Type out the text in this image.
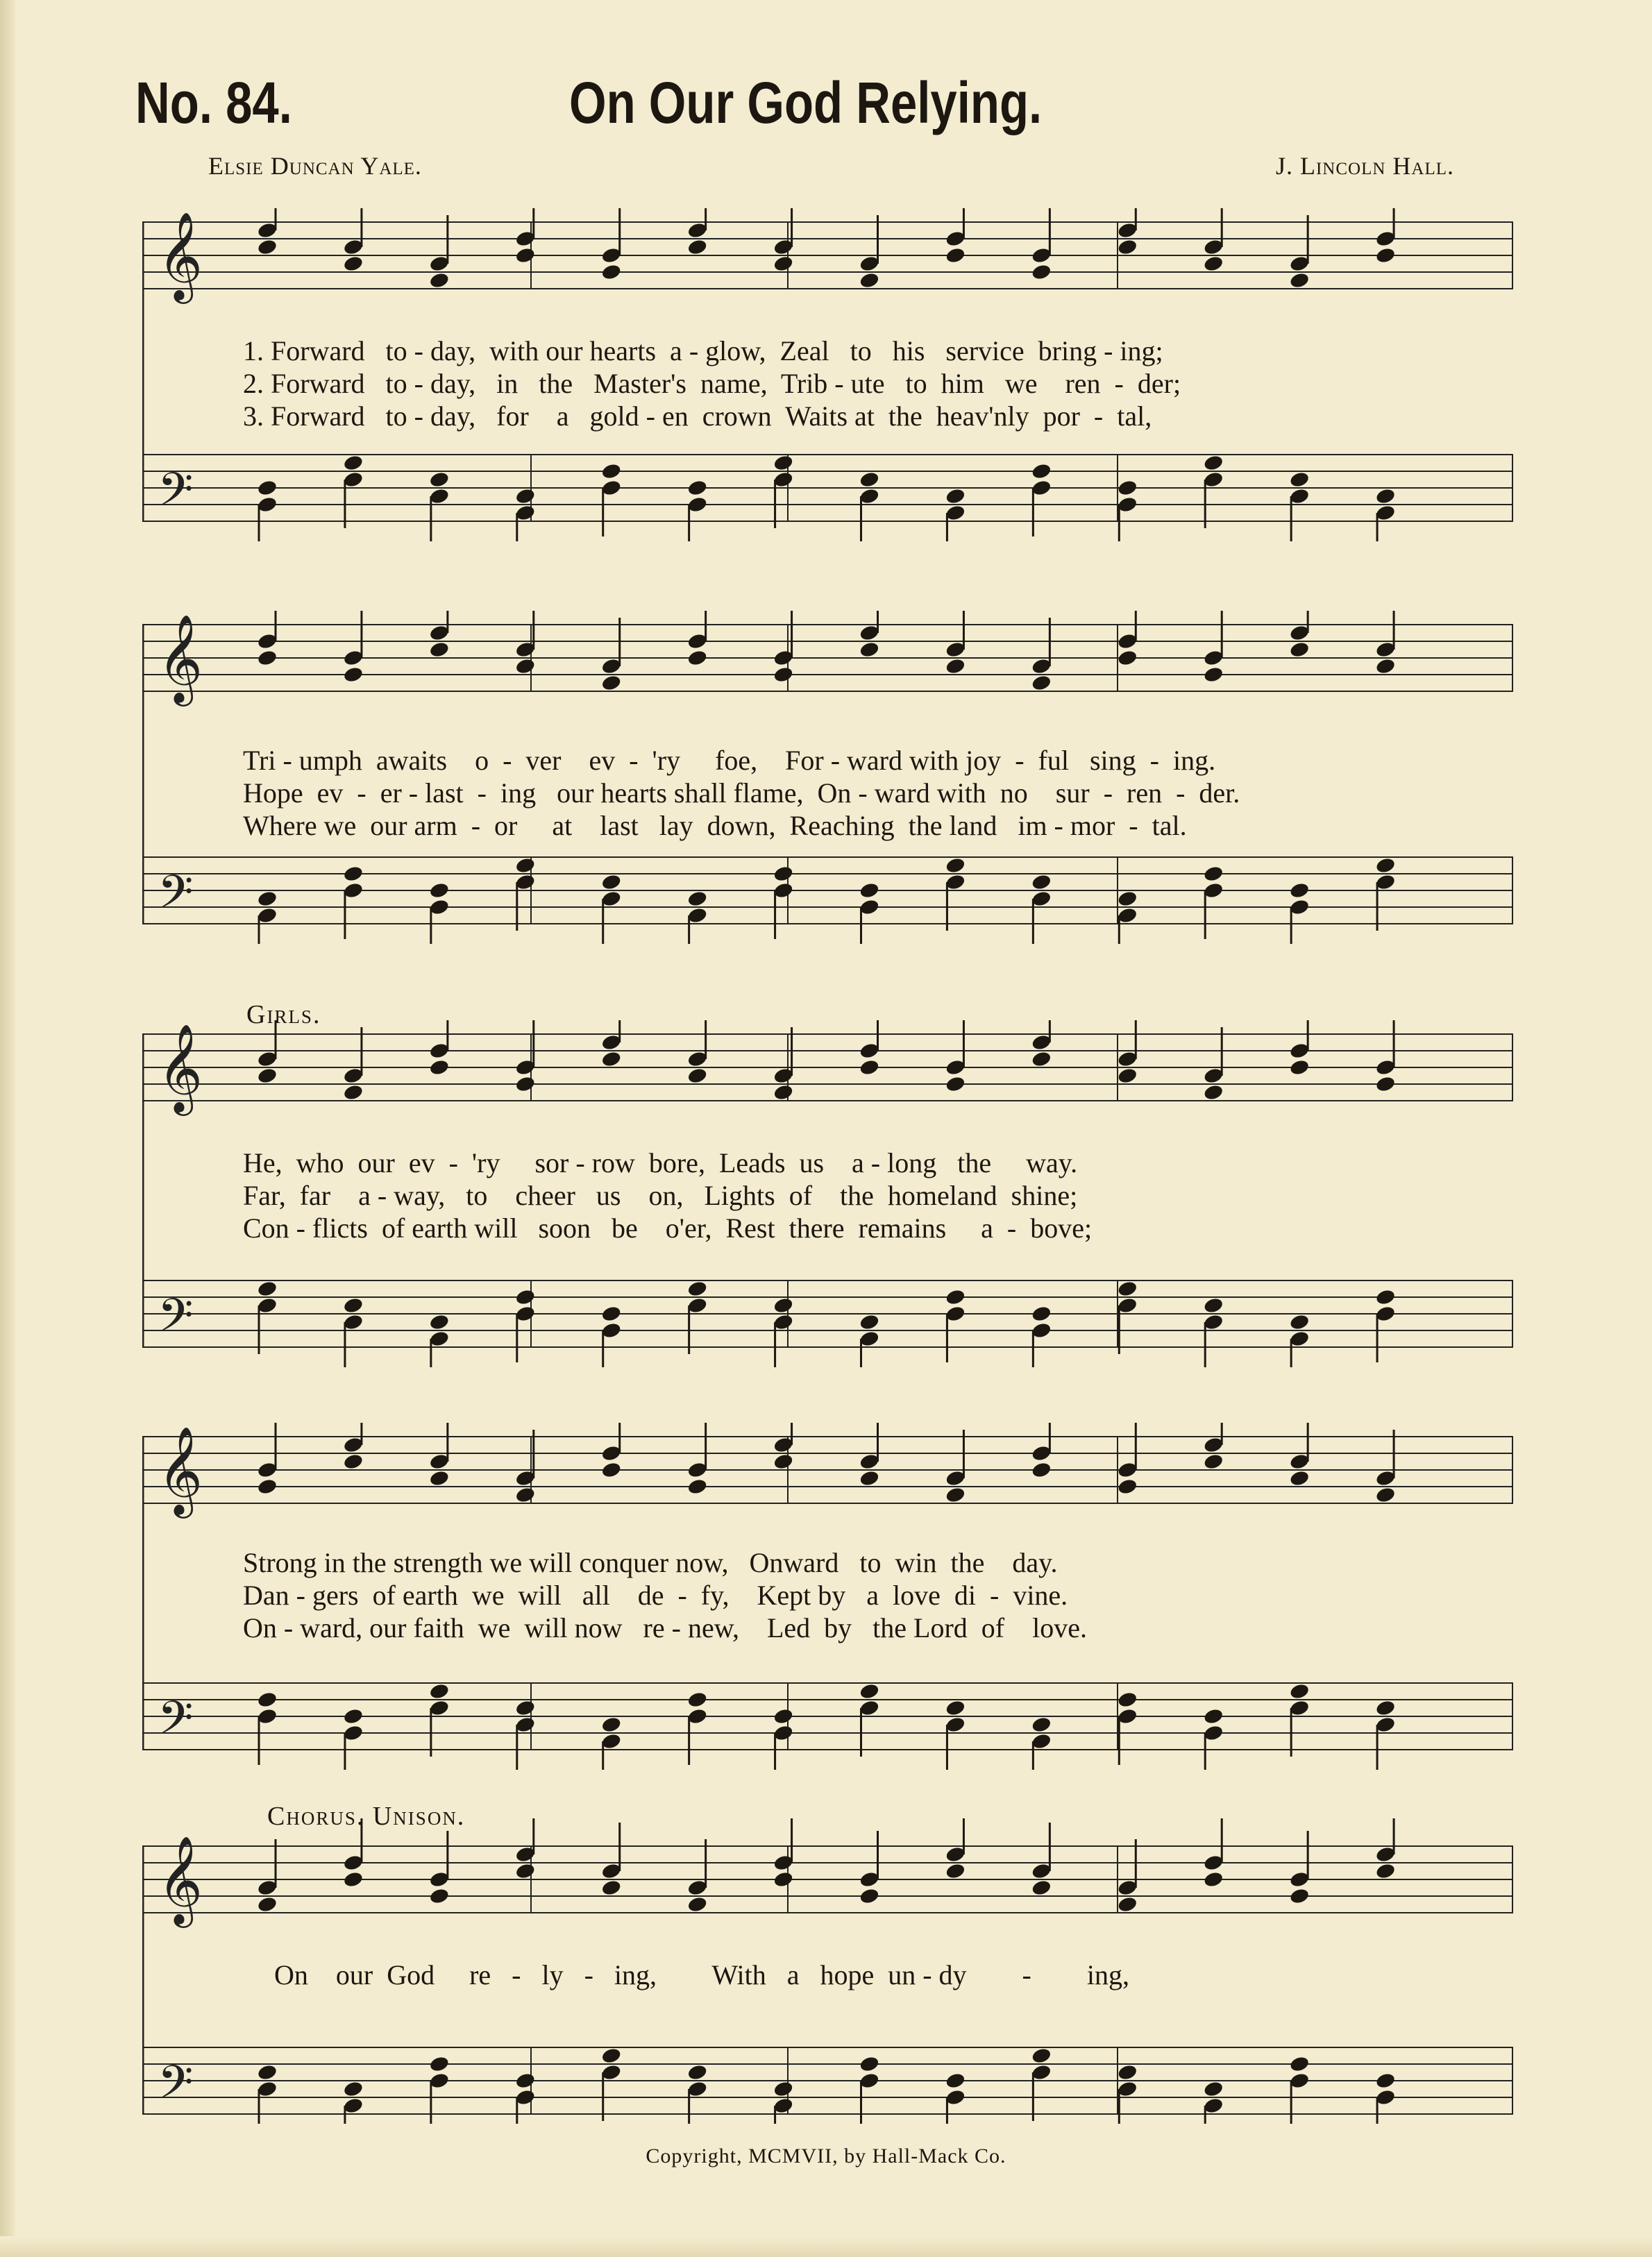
No. 84.	On Our God Relying.
Elsie Duncan Yale.	J. Lincoln Hall.
𝄞
𝄢
1. Forward   to - day,  with our hearts  a - glow,  Zeal   to   his   service  bring - ing;
2. Forward   to - day,   in   the   Master's  name,  Trib - ute   to  him   we    ren  -  der;
3. Forward   to - day,   for    a   gold - en  crown  Waits at  the  heav'nly  por  -  tal,
𝄞
𝄢
Tri - umph  awaits    o  -  ver    ev  -  'ry     foe,    For - ward with joy  -  ful   sing  -  ing.
Hope  ev  -  er - last  -  ing   our hearts shall flame,  On - ward with  no    sur  -  ren  -  der.
Where we  our arm  -  or     at    last   lay  down,  Reaching  the land   im - mor  -  tal.
Girls.
𝄞
𝄢
He,  who  our  ev  -  'ry     sor - row  bore,  Leads  us    a - long   the     way.
Far,  far    a - way,   to    cheer   us    on,   Lights  of    the  homeland  shine;
Con - flicts  of earth will   soon   be    o'er,  Rest  there  remains     a  -  bove;
𝄞
𝄢
Strong in the strength we will conquer now,   Onward   to  win  the    day.
Dan - gers  of earth  we  will   all    de  -  fy,    Kept by   a  love  di  -  vine.
On - ward, our faith  we  will now   re - new,    Led  by   the Lord  of    love.
Chorus. Unison.
𝄞
𝄢
On    our  God     re   -   ly   -   ing,        With   a   hope  un - dy        -        ing,
Copyright, MCMVII, by Hall-Mack Co.
